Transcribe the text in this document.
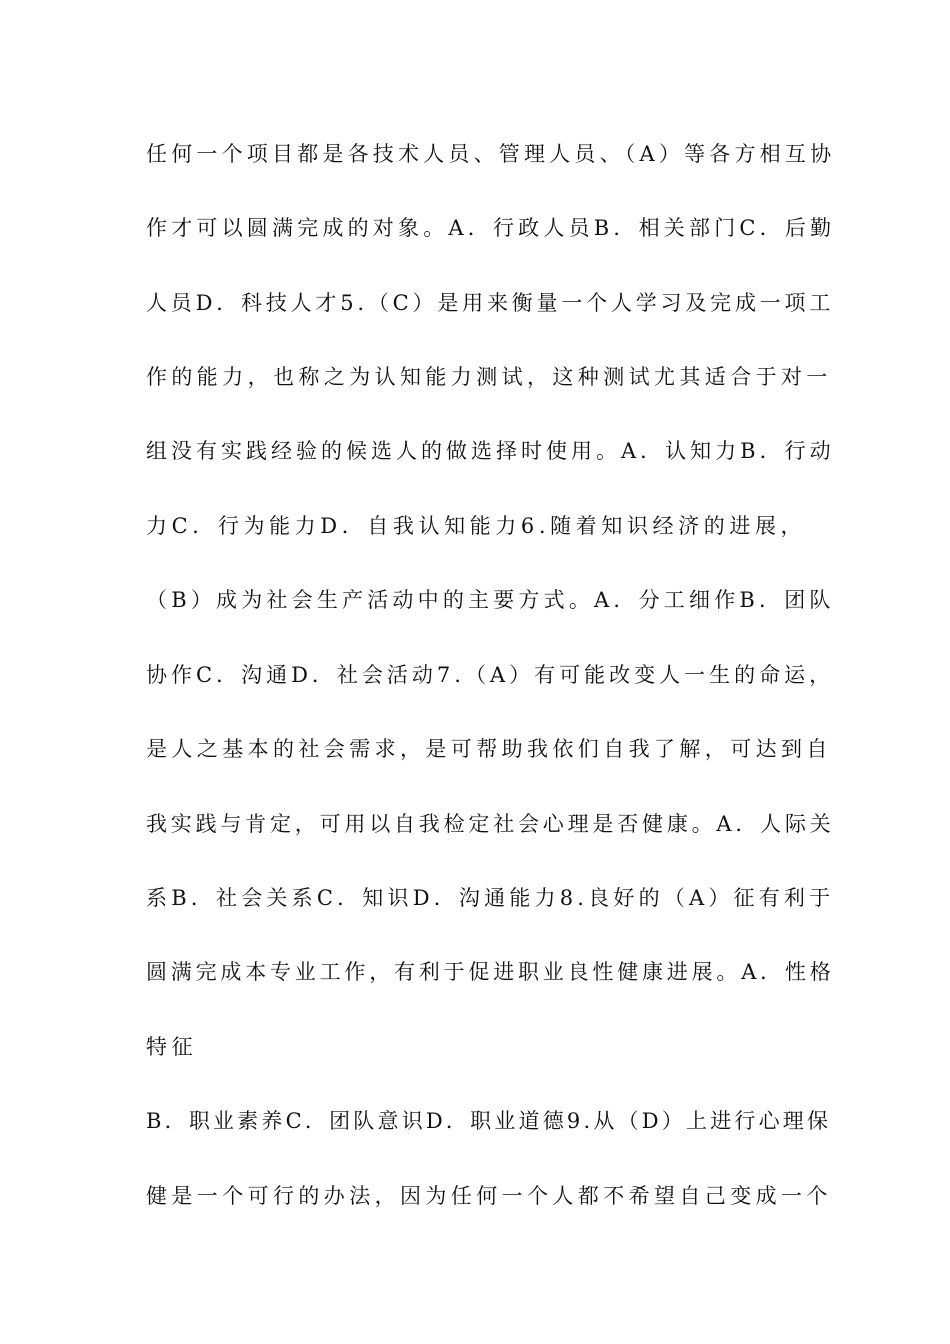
任何一个项目都是各技术人员、管理人员、（A）等各方相互协
作才可以圆满完成的对象。A．行政人员B．相关部门C．后勤
人员D．科技人才5.（C）是用来衡量一个人学习及完成一项工
作的能力，也称之为认知能力测试，这种测试尤其适合于对一
组没有实践经验的候选人的做选择时使用。A．认知力B．行动
力C．行为能力D．自我认知能力6.随着知识经济的进展，
（B）成为社会生产活动中的主要方式。A．分工细作B．团队
协作C．沟通D．社会活动7.（A）有可能改变人一生的命运，
是人之基本的社会需求，是可帮助我依们自我了解，可达到自
我实践与肯定，可用以自我检定社会心理是否健康。A．人际关
系B．社会关系C．知识D．沟通能力8.良好的（A）征有利于
圆满完成本专业工作，有利于促进职业良性健康进展。A．性格
特征
B．职业素养C．团队意识D．职业道德9.从（D）上进行心理保
健是一个可行的办法，因为任何一个人都不希望自己变成一个
